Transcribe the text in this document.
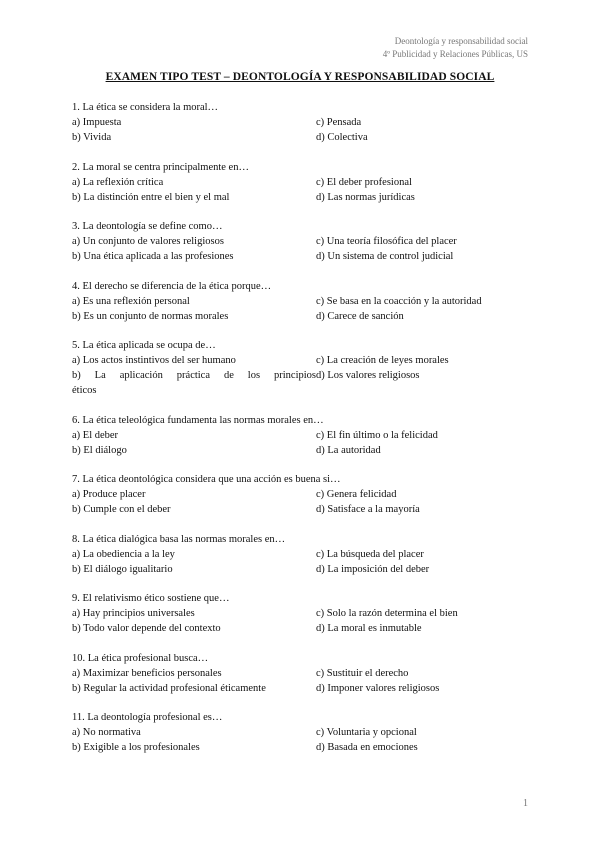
Deontología y responsabilidad social
4º Publicidad y Relaciones Públicas, US
EXAMEN TIPO TEST – DEONTOLOGÍA Y RESPONSABILIDAD SOCIAL

1. La ética se considera la moral…

a) Impuesta	c) Pensada

b) Vivida	d) Colectiva

2. La moral se centra principalmente en…

a) La reflexión crítica	c) El deber profesional

b) La distinción entre el bien y el mal	d) Las normas jurídicas

3. La deontología se define como…

a) Un conjunto de valores religiosos	c) Una teoría filosófica del placer

b) Una ética aplicada a las profesiones	d) Un sistema de control judicial

4. El derecho se diferencia de la ética porque…

a) Es una reflexión personal	c) Se basa en la coacción y la autoridad

b) Es un conjunto de normas morales	d) Carece de sanción

5. La ética aplicada se ocupa de…

a) Los actos instintivos del ser humano	c) La creación de leyes morales

b) La aplicación práctica de los principios
éticos

d) Los valores religiosos

6. La ética teleológica fundamenta las normas morales en…

a) El deber	c) El fin último o la felicidad

b) El diálogo	d) La autoridad

7. La ética deontológica considera que una acción es buena si…

a) Produce placer	c) Genera felicidad

b) Cumple con el deber	d) Satisface a la mayoría

8. La ética dialógica basa las normas morales en…

a) La obediencia a la ley	c) La búsqueda del placer

b) El diálogo igualitario	d) La imposición del deber

9. El relativismo ético sostiene que…

a) Hay principios universales	c) Solo la razón determina el bien

b) Todo valor depende del contexto	d) La moral es inmutable

10. La ética profesional busca…

a) Maximizar beneficios personales	c) Sustituir el derecho

b) Regular la actividad profesional éticamente	d) Imponer valores religiosos

11. La deontología profesional es…

a) No normativa	c) Voluntaria y opcional

b) Exigible a los profesionales	d) Basada en emociones

1
